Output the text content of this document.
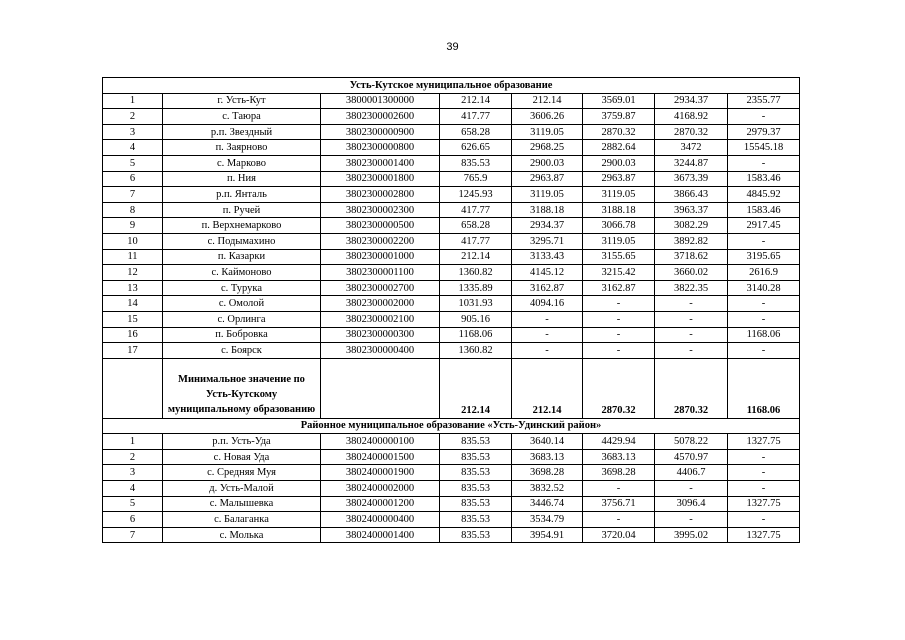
39
Усть-Кутское муниципальное образование							
1	г. Усть-Кут	3800001300000	212.14	212.14	3569.01	2934.37	2355.77
2	с. Таюра	3802300002600	417.77	3606.26	3759.87	4168.92	-
3	р.п. Звездный	3802300000900	658.28	3119.05	2870.32	2870.32	2979.37
4	п. Заярново	3802300000800	626.65	2968.25	2882.64	3472	15545.18
5	с. Марково	3802300001400	835.53	2900.03	2900.03	3244.87	-
6	п. Ния	3802300001800	765.9	2963.87	2963.87	3673.39	1583.46
7	р.п. Янталь	3802300002800	1245.93	3119.05	3119.05	3866.43	4845.92
8	п. Ручей	3802300002300	417.77	3188.18	3188.18	3963.37	1583.46
9	п. Верхнемарково	3802300000500	658.28	2934.37	3066.78	3082.29	2917.45
10	с. Подымахино	3802300002200	417.77	3295.71	3119.05	3892.82	-
11	п. Казарки	3802300001000	212.14	3133.43	3155.65	3718.62	3195.65
12	с. Каймоново	3802300001100	1360.82	4145.12	3215.42	3660.02	2616.9
13	с. Турука	3802300002700	1335.89	3162.87	3162.87	3822.35	3140.28
14	с. Омолой	3802300002000	1031.93	4094.16	-	-	-
15	с. Орлинга	3802300002100	905.16	-	-	-	-
16	п. Бобровка	3802300000300	1168.06	-	-	-	1168.06
17	с. Боярск	3802300000400	1360.82	-	-	-	-
	Минимальное значение по Усть-Кутскому муниципальному образованию		212.14	212.14	2870.32	2870.32	1168.06
Районное муниципальное образование «Усть-Удинский район»							
1	р.п. Усть-Уда	3802400000100	835.53	3640.14	4429.94	5078.22	1327.75
2	с. Новая Уда	3802400001500	835.53	3683.13	3683.13	4570.97	-
3	с. Средняя Муя	3802400001900	835.53	3698.28	3698.28	4406.7	-
4	д. Усть-Малой	3802400002000	835.53	3832.52	-	-	-
5	с. Малышевка	3802400001200	835.53	3446.74	3756.71	3096.4	1327.75
6	с. Балаганка	3802400000400	835.53	3534.79	-	-	-
7	с. Молька	3802400001400	835.53	3954.91	3720.04	3995.02	1327.75
